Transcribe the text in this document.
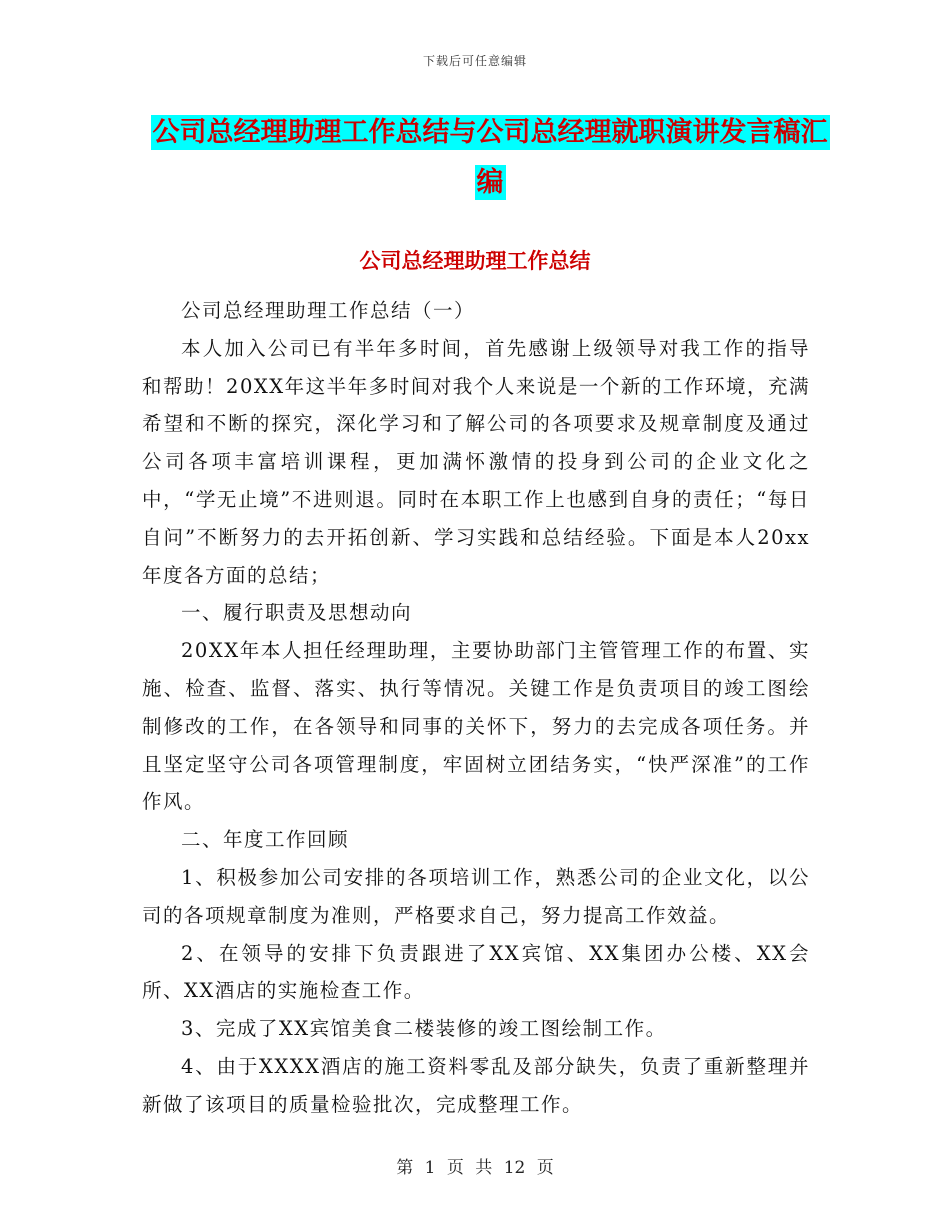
下载后可任意编辑
公司总经理助理工作总结与公司总经理就职演讲发言稿汇编
公司总经理助理工作总结

公司总经理助理工作总结（一）

本人加入公司已有半年多时间，首先感谢上级领导对我工作的指导和帮助！20XX年这半年多时间对我个人来说是一个新的工作环境，充满希望和不断的探究，深化学习和了解公司的各项要求及规章制度及通过公司各项丰富培训课程，更加满怀激情的投身到公司的企业文化之中，“学无止境”不进则退。同时在本职工作上也感到自身的责任；“每日自问”不断努力的去开拓创新、学习实践和总结经验。下面是本人20xx年度各方面的总结；

一、履行职责及思想动向

20XX年本人担任经理助理，主要协助部门主管管理工作的布置、实施、检查、监督、落实、执行等情况。关键工作是负责项目的竣工图绘制修改的工作，在各领导和同事的关怀下，努力的去完成各项任务。并且坚定坚守公司各项管理制度，牢固树立团结务实，“快严深准”的工作作风。

二、年度工作回顾

1、积极参加公司安排的各项培训工作，熟悉公司的企业文化，以公司的各项规章制度为准则，严格要求自己，努力提高工作效益。

2、在领导的安排下负责跟进了XX宾馆、XX集团办公楼、XX会所、XX酒店的实施检查工作。

3、完成了XX宾馆美食二楼装修的竣工图绘制工作。

4、由于XXXX酒店的施工资料零乱及部分缺失，负责了重新整理并新做了该项目的质量检验批次，完成整理工作。

第 1 页 共 12 页
